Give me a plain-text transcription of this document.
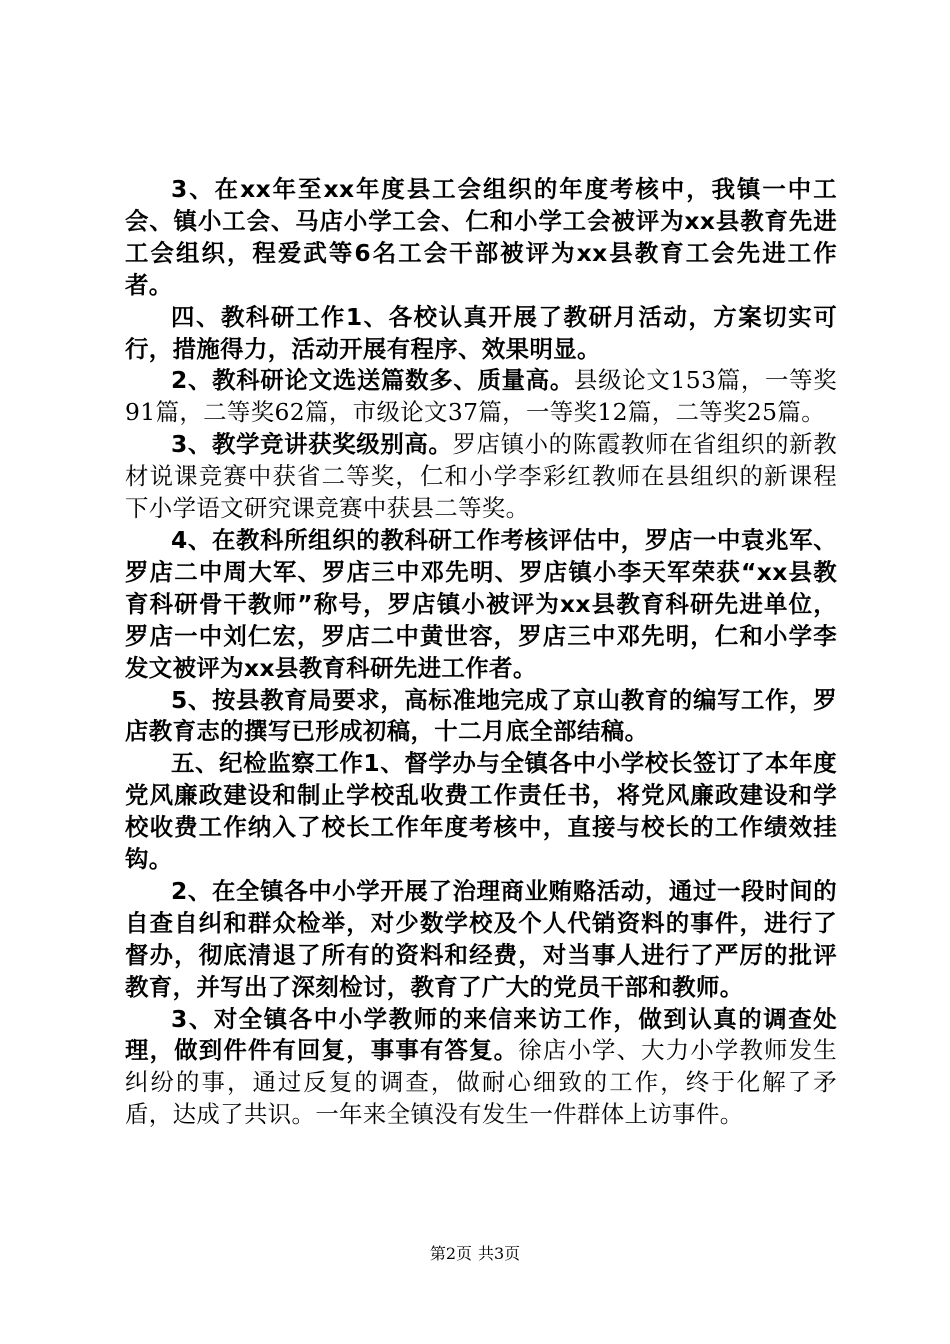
3、在xx年至xx年度县工会组织的年度考核中，我镇一中工会、镇小工会、马店小学工会、仁和小学工会被评为xx县教育先进工会组织，程爱武等6名工会干部被评为xx县教育工会先进工作者。

四、教科研工作1、各校认真开展了教研月活动，方案切实可行，措施得力，活动开展有程序、效果明显。

2、教科研论文选送篇数多、质量高。县级论文153篇，一等奖91篇，二等奖62篇，市级论文37篇，一等奖12篇，二等奖25篇。

3、教学竞讲获奖级别高。罗店镇小的陈霞教师在省组织的新教材说课竞赛中获省二等奖，仁和小学李彩红教师在县组织的新课程下小学语文研究课竞赛中获县二等奖。

4、在教科所组织的教科研工作考核评估中，罗店一中袁兆军、罗店二中周大军、罗店三中邓先明、罗店镇小李天军荣获“xx县教育科研骨干教师”称号，罗店镇小被评为xx县教育科研先进单位，罗店一中刘仁宏，罗店二中黄世容，罗店三中邓先明，仁和小学李发文被评为xx县教育科研先进工作者。

5、按县教育局要求，高标准地完成了京山教育的编写工作，罗店教育志的撰写已形成初稿，十二月底全部结稿。

五、纪检监察工作1、督学办与全镇各中小学校长签订了本年度党风廉政建设和制止学校乱收费工作责任书，将党风廉政建设和学校收费工作纳入了校长工作年度考核中，直接与校长的工作绩效挂钩。

2、在全镇各中小学开展了治理商业贿赂活动，通过一段时间的自查自纠和群众检举，对少数学校及个人代销资料的事件，进行了督办，彻底清退了所有的资料和经费，对当事人进行了严厉的批评教育，并写出了深刻检讨，教育了广大的党员干部和教师。

3、对全镇各中小学教师的来信来访工作，做到认真的调查处理，做到件件有回复，事事有答复。徐店小学、大力小学教师发生纠纷的事，通过反复的调查，做耐心细致的工作，终于化解了矛盾，达成了共识。一年来全镇没有发生一件群体上访事件。

第2页 共3页
